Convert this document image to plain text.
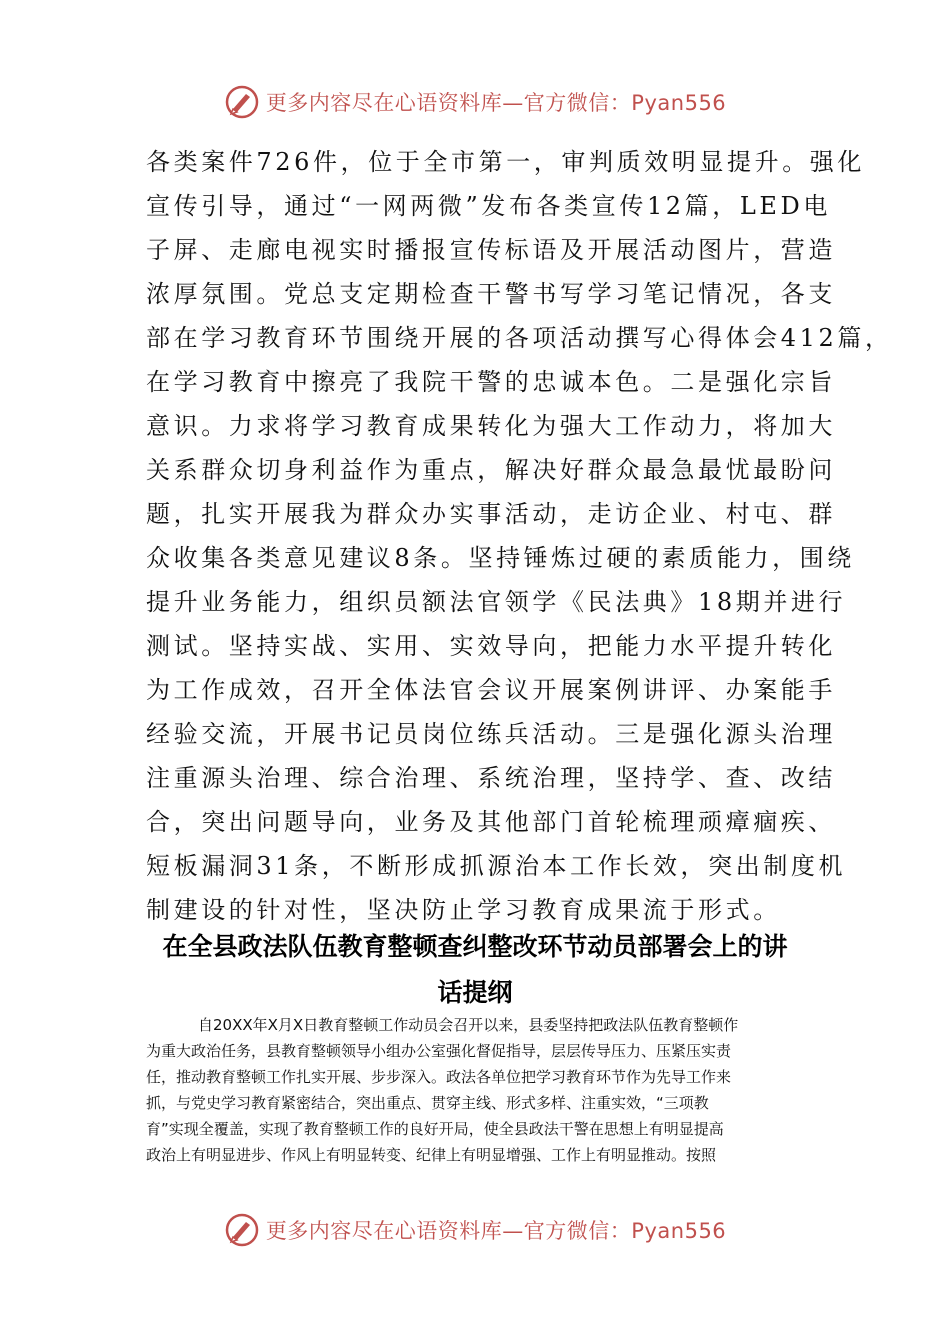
更多内容尽在心语资料库—官方微信：Pyan556
各类案件726件，位于全市第一，审判质效明显提升。强化
宣传引导，通过“一网两微”发布各类宣传12篇，LED电
子屏、走廊电视实时播报宣传标语及开展活动图片，营造
浓厚氛围。党总支定期检查干警书写学习笔记情况，各支
部在学习教育环节围绕开展的各项活动撰写心得体会412篇，
在学习教育中擦亮了我院干警的忠诚本色。二是强化宗旨
意识。力求将学习教育成果转化为强大工作动力，将加大
关系群众切身利益作为重点，解决好群众最急最忧最盼问
题，扎实开展我为群众办实事活动，走访企业、村屯、群
众收集各类意见建议8条。坚持锤炼过硬的素质能力，围绕
提升业务能力，组织员额法官领学《民法典》18期并进行
测试。坚持实战、实用、实效导向，把能力水平提升转化
为工作成效，召开全体法官会议开展案例讲评、办案能手
经验交流，开展书记员岗位练兵活动。三是强化源头治理
注重源头治理、综合治理、系统治理，坚持学、查、改结
合，突出问题导向，业务及其他部门首轮梳理顽瘴痼疾、
短板漏洞31条，不断形成抓源治本工作长效，突出制度机
制建设的针对性，坚决防止学习教育成果流于形式。
在全县政法队伍教育整顿查纠整改环节动员部署会上的讲
话提纲
自20XX年X月X日教育整顿工作动员会召开以来，县委坚持把政法队伍教育整顿作
为重大政治任务，县教育整顿领导小组办公室强化督促指导，层层传导压力、压紧压实责
任，推动教育整顿工作扎实开展、步步深入。政法各单位把学习教育环节作为先导工作来
抓，与党史学习教育紧密结合，突出重点、贯穿主线、形式多样、注重实效，“三项教
育”实现全覆盖，实现了教育整顿工作的良好开局，使全县政法干警在思想上有明显提高
政治上有明显进步、作风上有明显转变、纪律上有明显增强、工作上有明显推动。按照
更多内容尽在心语资料库—官方微信：Pyan556
